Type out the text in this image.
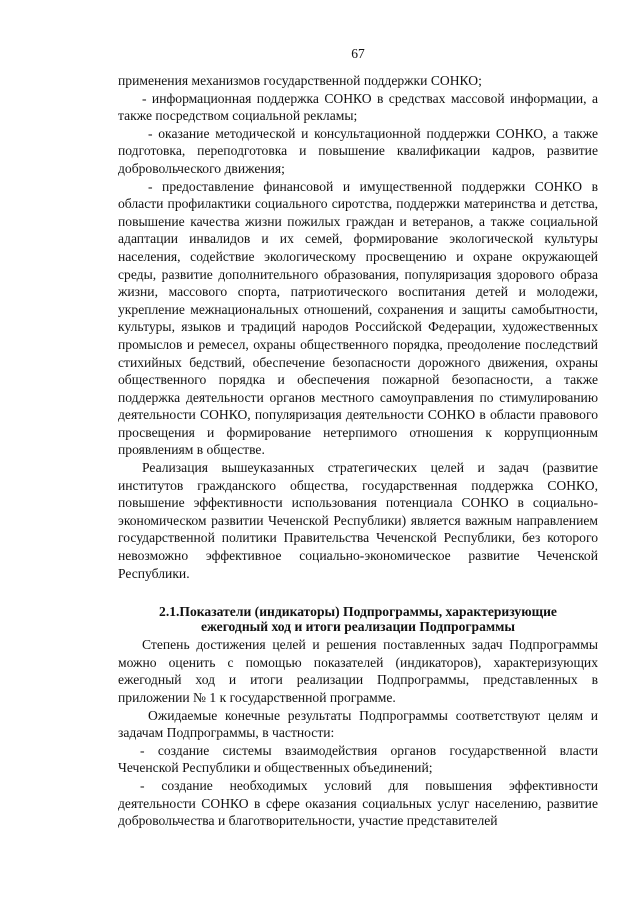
67

применения механизмов государственной поддержки СОНКО;

- информационная поддержка СОНКО в средствах массовой информации, а также посредством социальной рекламы;

- оказание методической и консультационной поддержки СОНКО, а также подготовка, переподготовка и повышение квалификации кадров, развитие добровольческого движения;

- предоставление финансовой и имущественной поддержки СОНКО в области профилактики социального сиротства, поддержки материнства и детства, повышение качества жизни пожилых граждан и ветеранов, а также социальной адаптации инвалидов и их семей, формирование экологической культуры населения, содействие экологическому просвещению и охране окружающей среды, развитие дополнительного образования, популяризация здорового образа жизни, массового спорта, патриотического воспитания детей и молодежи, укрепление межнациональных отношений, сохранения и защиты самобытности, культуры, языков и традиций народов Российской Федерации, художественных промыслов и ремесел, охраны общественного порядка, преодоление последствий стихийных бедствий, обеспечение безопасности дорожного движения, охраны общественного порядка и обеспечения пожарной безопасности, а также поддержка деятельности органов местного самоуправления по стимулированию деятельности СОНКО, популяризация деятельности СОНКО в области правового просвещения и формирование нетерпимого отношения к коррупционным проявлениям в обществе.

Реализация вышеуказанных стратегических целей и задач (развитие институтов гражданского общества, государственная поддержка СОНКО, повышение эффективности использования потенциала СОНКО в социально-экономическом развитии Чеченской Республики) является важным направлением государственной политики Правительства Чеченской Республики, без которого невозможно эффективное социально-экономическое развитие Чеченской Республики.

2.1.Показатели (индикаторы) Подпрограммы, характеризующие
ежегодный ход и итоги реализации Подпрограммы

Степень достижения целей и решения поставленных задач Подпрограммы можно оценить с помощью показателей (индикаторов), характеризующих ежегодный ход и итоги реализации Подпрограммы, представленных в приложении № 1 к государственной программе.

Ожидаемые конечные результаты Подпрограммы соответствуют целям и задачам Подпрограммы, в частности:

- создание системы взаимодействия органов государственной власти Чеченской Республики и общественных объединений;

- создание необходимых условий для повышения эффективности деятельности СОНКО в сфере оказания социальных услуг населению, развитие добровольчества и благотворительности, участие представителей
